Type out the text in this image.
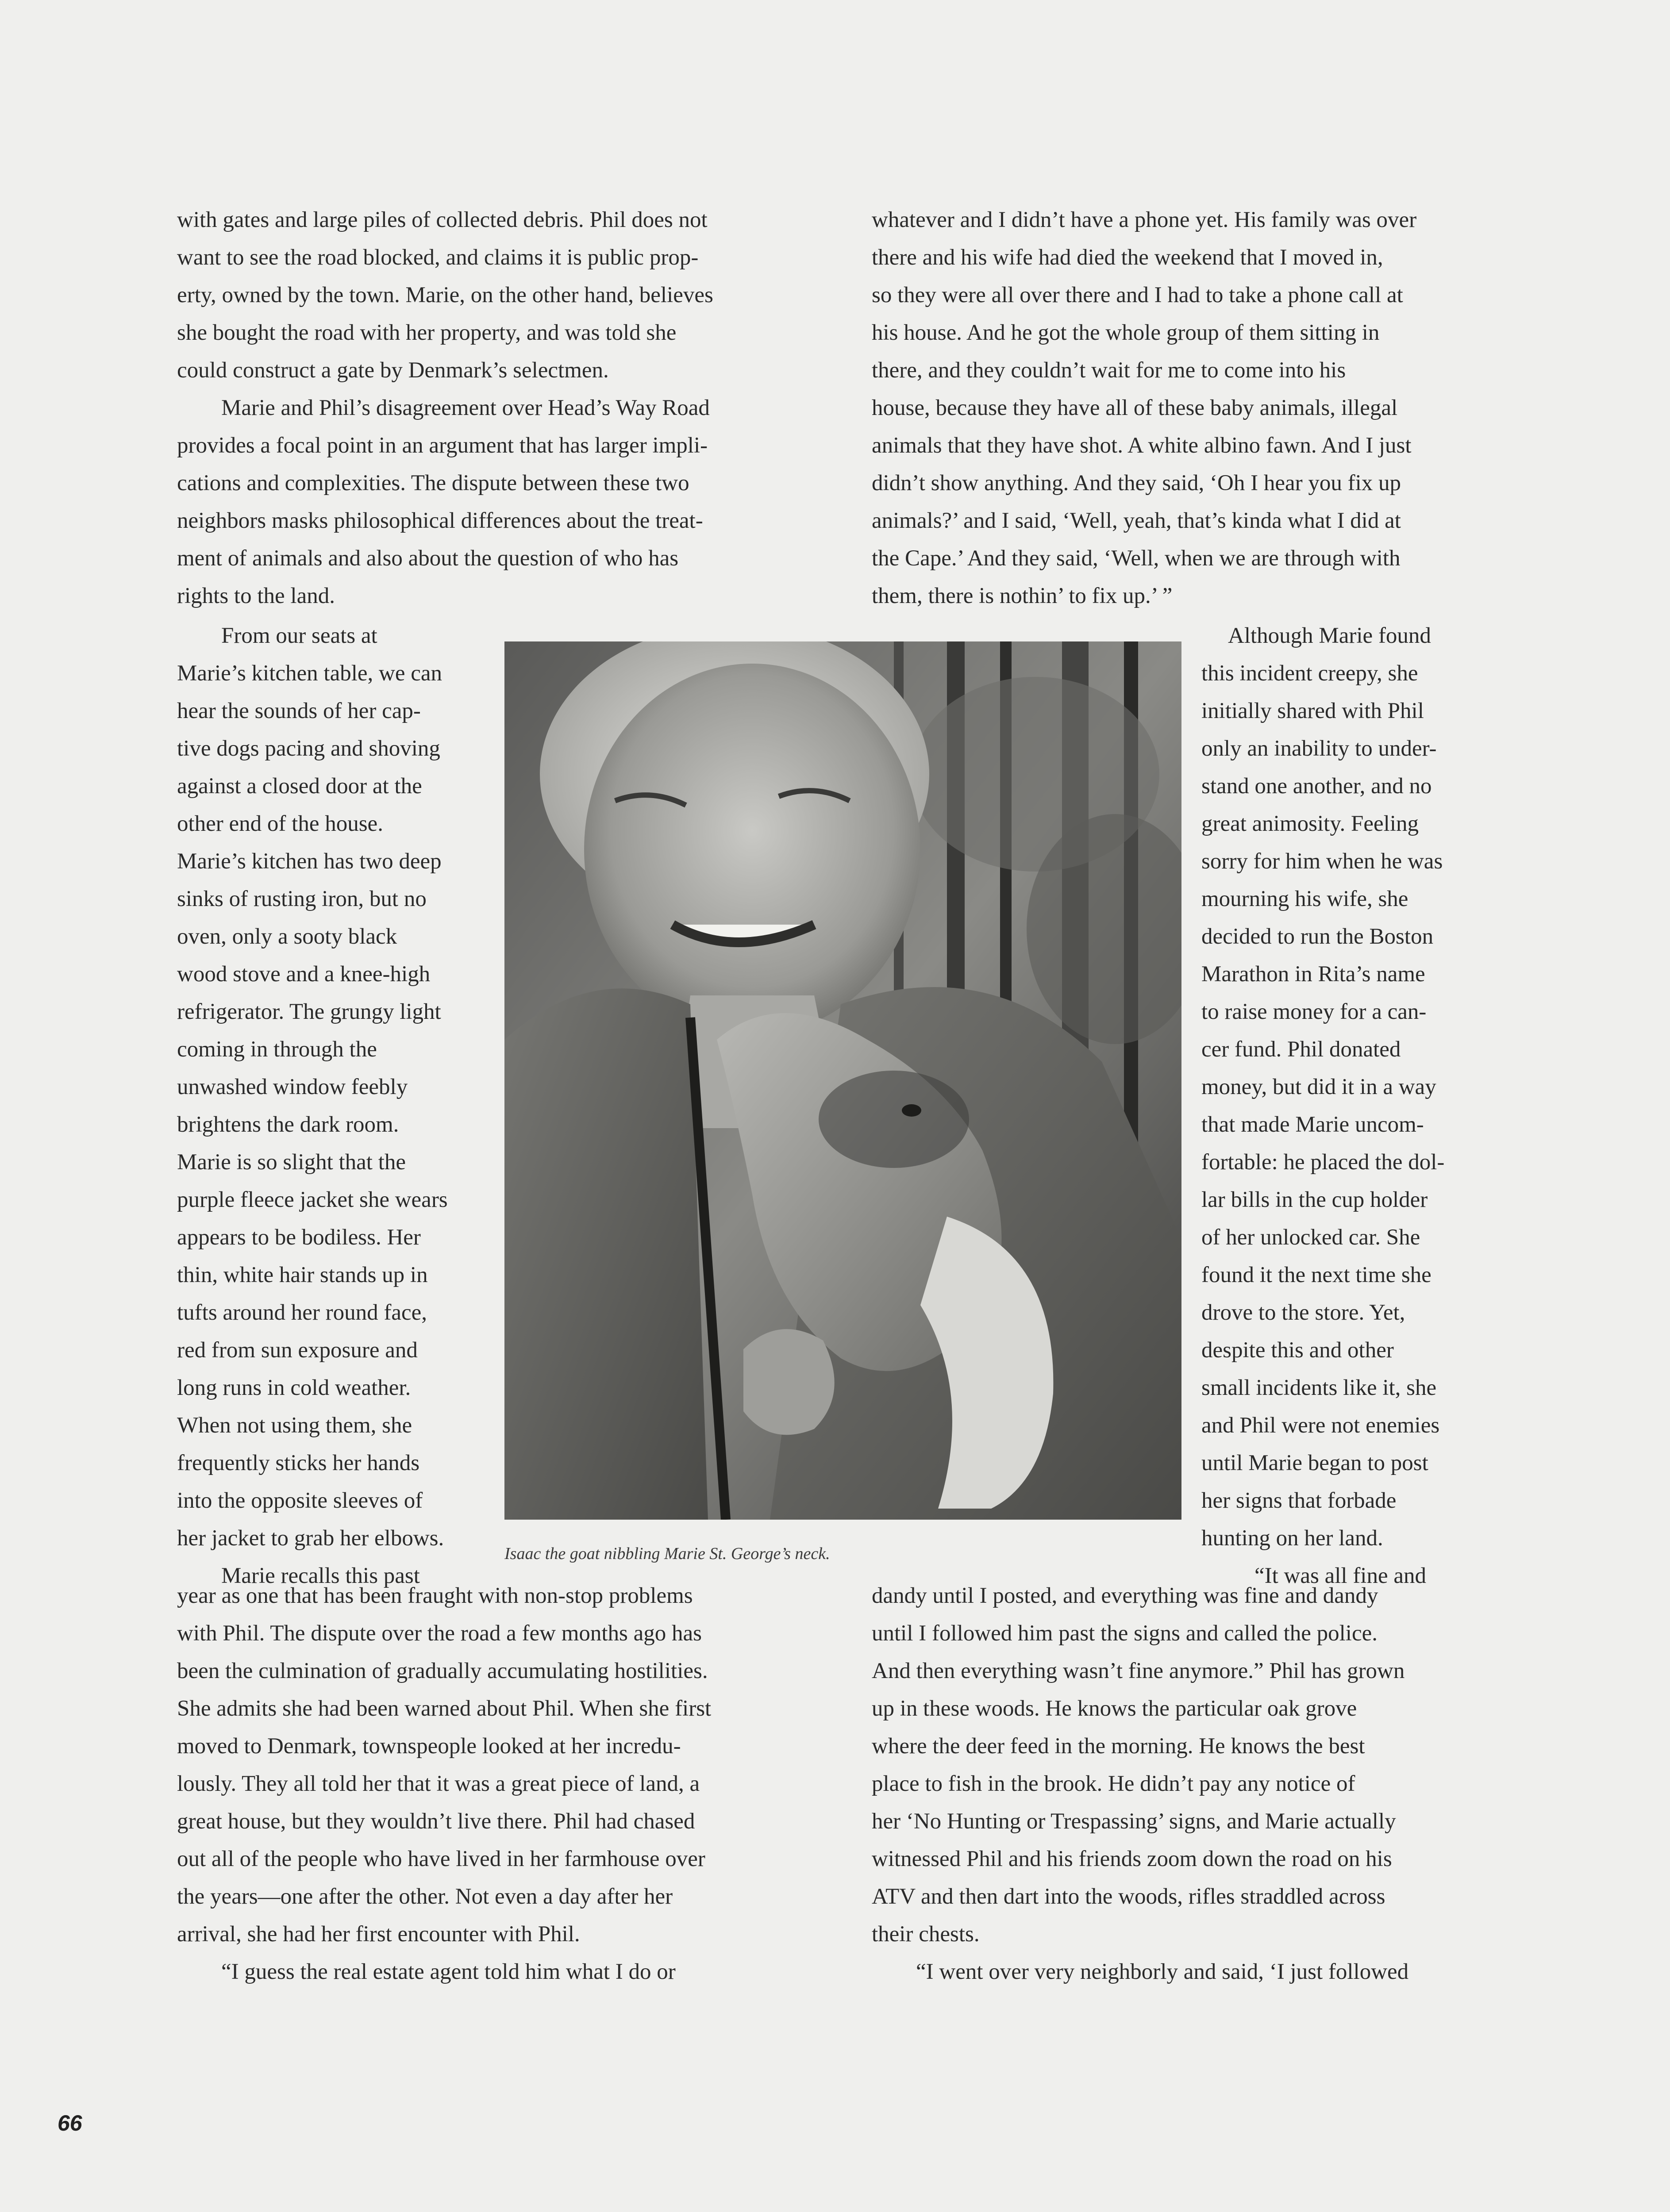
with gates and large piles of collected debris. Phil does not
want to see the road blocked, and claims it is public prop-
erty, owned by the town. Marie, on the other hand, believes
she bought the road with her property, and was told she
could construct a gate by Denmark’s selectmen.
Marie and Phil’s disagreement over Head’s Way Road
provides a focal point in an argument that has larger impli-
cations and complexities. The dispute between these two
neighbors masks philosophical differences about the treat-
ment of animals and also about the question of who has
rights to the land.
From our seats at
Marie’s kitchen table, we can
hear the sounds of her cap-
tive dogs pacing and shoving
against a closed door at the
other end of the house.
Marie’s kitchen has two deep
sinks of rusting iron, but no
oven, only a sooty black
wood stove and a knee-high
refrigerator. The grungy light
coming in through the
unwashed window feebly
brightens the dark room.
Marie is so slight that the
purple fleece jacket she wears
appears to be bodiless. Her
thin, white hair stands up in
tufts around her round face,
red from sun exposure and
long runs in cold weather.
When not using them, she
frequently sticks her hands
into the opposite sleeves of
her jacket to grab her elbows.
Marie recalls this past
year as one that has been fraught with non-stop problems
with Phil. The dispute over the road a few months ago has
been the culmination of gradually accumulating hostilities.
She admits she had been warned about Phil. When she first
moved to Denmark, townspeople looked at her incredu-
lously. They all told her that it was a great piece of land, a
great house, but they wouldn’t live there. Phil had chased
out all of the people who have lived in her farmhouse over
the years—one after the other. Not even a day after her
arrival, she had her first encounter with Phil.
“I guess the real estate agent told him what I do or
whatever and I didn’t have a phone yet. His family was over
there and his wife had died the weekend that I moved in,
so they were all over there and I had to take a phone call at
his house. And he got the whole group of them sitting in
there, and they couldn’t wait for me to come into his
house, because they have all of these baby animals, illegal
animals that they have shot. A white albino fawn. And I just
didn’t show anything. And they said, ‘Oh I hear you fix up
animals?’ and I said, ‘Well, yeah, that’s kinda what I did at
the Cape.’ And they said, ‘Well, when we are through with
them, there is nothin’ to fix up.’ ”
Although Marie found
this incident creepy, she
initially shared with Phil
only an inability to under-
stand one another, and no
great animosity. Feeling
sorry for him when he was
mourning his wife, she
decided to run the Boston
Marathon in Rita’s name
to raise money for a can-
cer fund. Phil donated
money, but did it in a way
that made Marie uncom-
fortable: he placed the dol-
lar bills in the cup holder
of her unlocked car. She
found it the next time she
drove to the store. Yet,
despite this and other
small incidents like it, she
and Phil were not enemies
until Marie began to post
her signs that forbade
hunting on her land.
“It was all fine and
dandy until I posted, and everything was fine and dandy
until I followed him past the signs and called the police.
And then everything wasn’t fine anymore.” Phil has grown
up in these woods. He knows the particular oak grove
where the deer feed in the morning. He knows the best
place to fish in the brook. He didn’t pay any notice of
her ‘No Hunting or Trespassing’ signs, and Marie actually
witnessed Phil and his friends zoom down the road on his
ATV and then dart into the woods, rifles straddled across
their chests.
“I went over very neighborly and said, ‘I just followed
Isaac the goat nibbling Marie St. George’s neck.
66
